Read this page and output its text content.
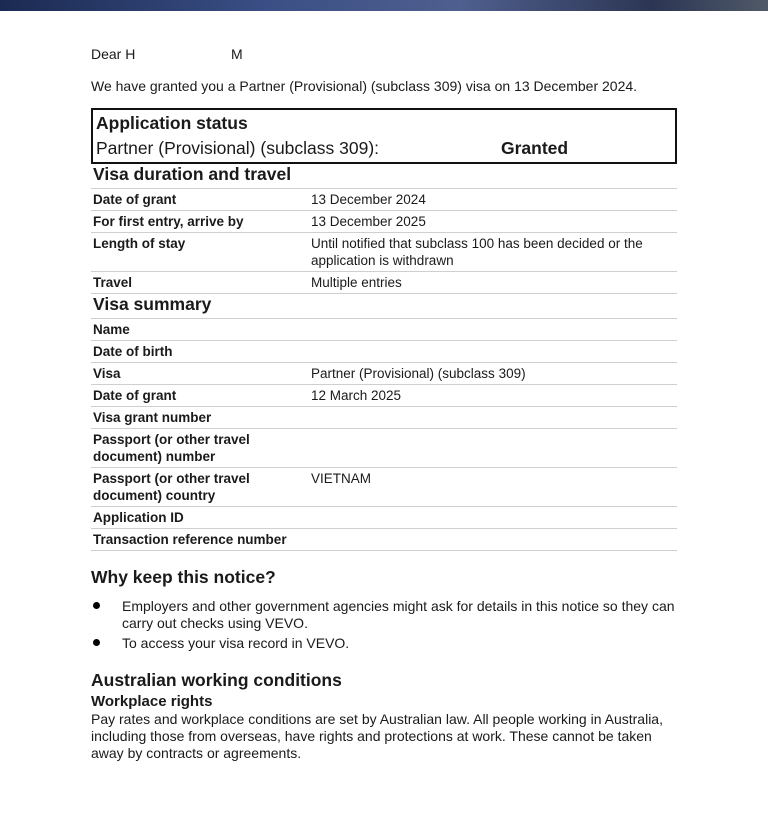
Dear H	M
We have granted you a Partner (Provisional) (subclass 309) visa on 13 December 2024.
Application status
Partner (Provisional) (subclass 309):	Granted
Visa duration and travel
Date of grant	13 December 2024
For first entry, arrive by	13 December 2025
Length of stay	Until notified that subclass 100 has been decided or the application is withdrawn
Travel	Multiple entries
Visa summary
Name	
Date of birth	
Visa	Partner (Provisional) (subclass 309)
Date of grant	12 March 2025
Visa grant number	
Passport (or other travel document) number	
Passport (or other travel document) country	VIETNAM
Application ID	
Transaction reference number	
Why keep this notice?
Employers and other government agencies might ask for details in this notice so they can carry out checks using VEVO.
To access your visa record in VEVO.
Australian working conditions
Workplace rights
Pay rates and workplace conditions are set by Australian law. All people working in Australia, including those from overseas, have rights and protections at work. These cannot be taken away by contracts or agreements.
